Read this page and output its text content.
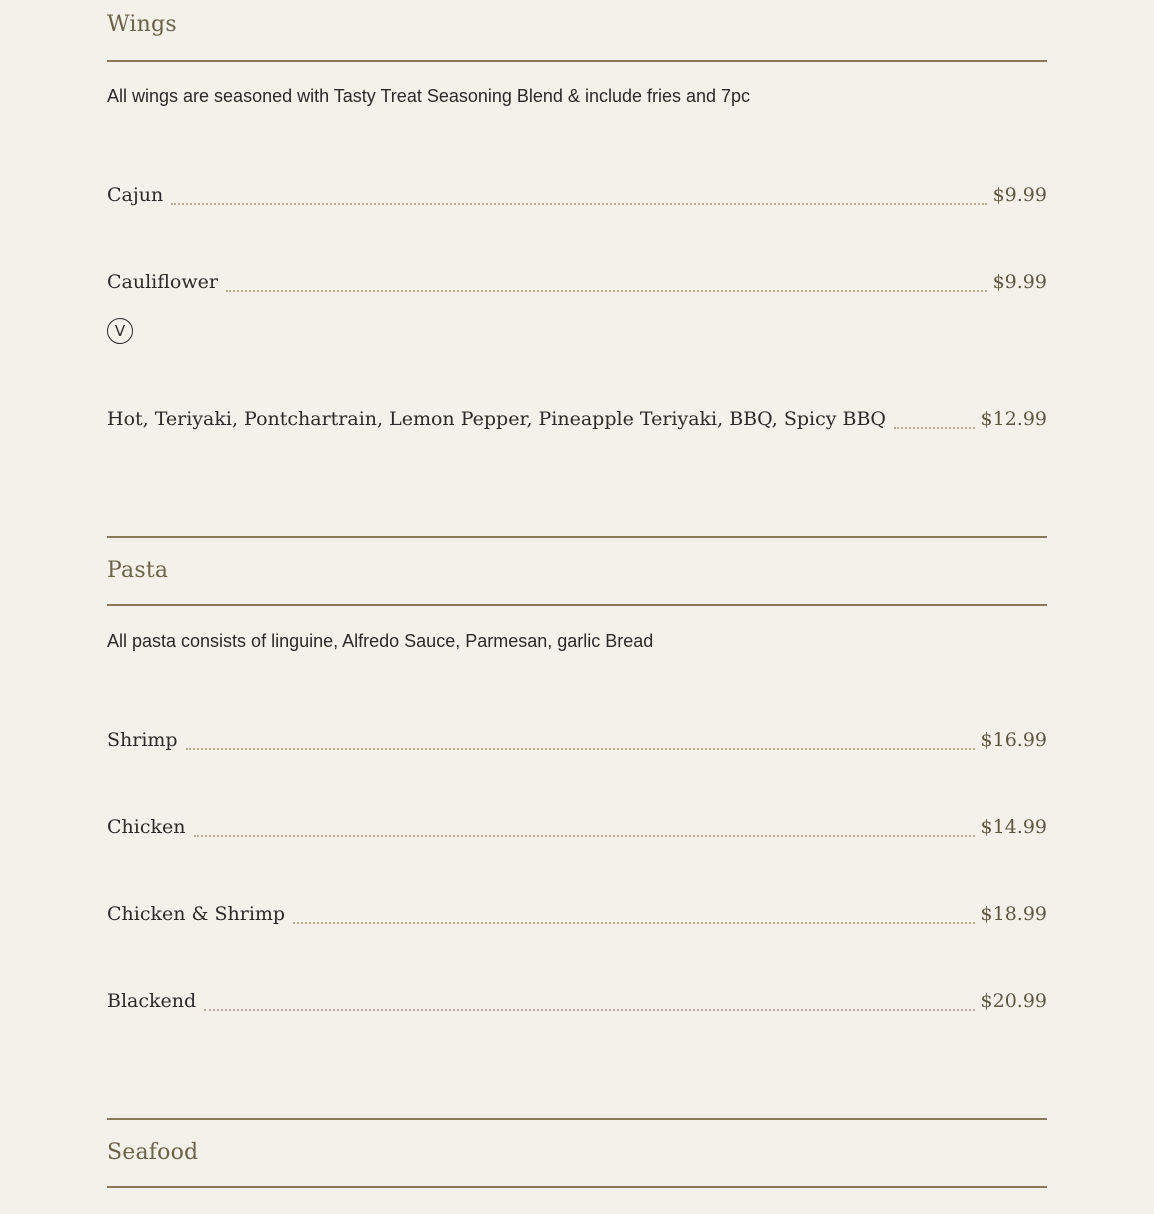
Wings
All wings are seasoned with Tasty Treat Seasoning Blend & include fries and 7pc
Cajun	$9.99
Cauliflower	$9.99
V
Hot, Teriyaki, Pontchartrain, Lemon Pepper, Pineapple Teriyaki, BBQ, Spicy BBQ	$12.99
Pasta
All pasta consists of linguine, Alfredo Sauce, Parmesan, garlic Bread
Shrimp	$16.99
Chicken	$14.99
Chicken & Shrimp	$18.99
Blackend	$20.99
Seafood
